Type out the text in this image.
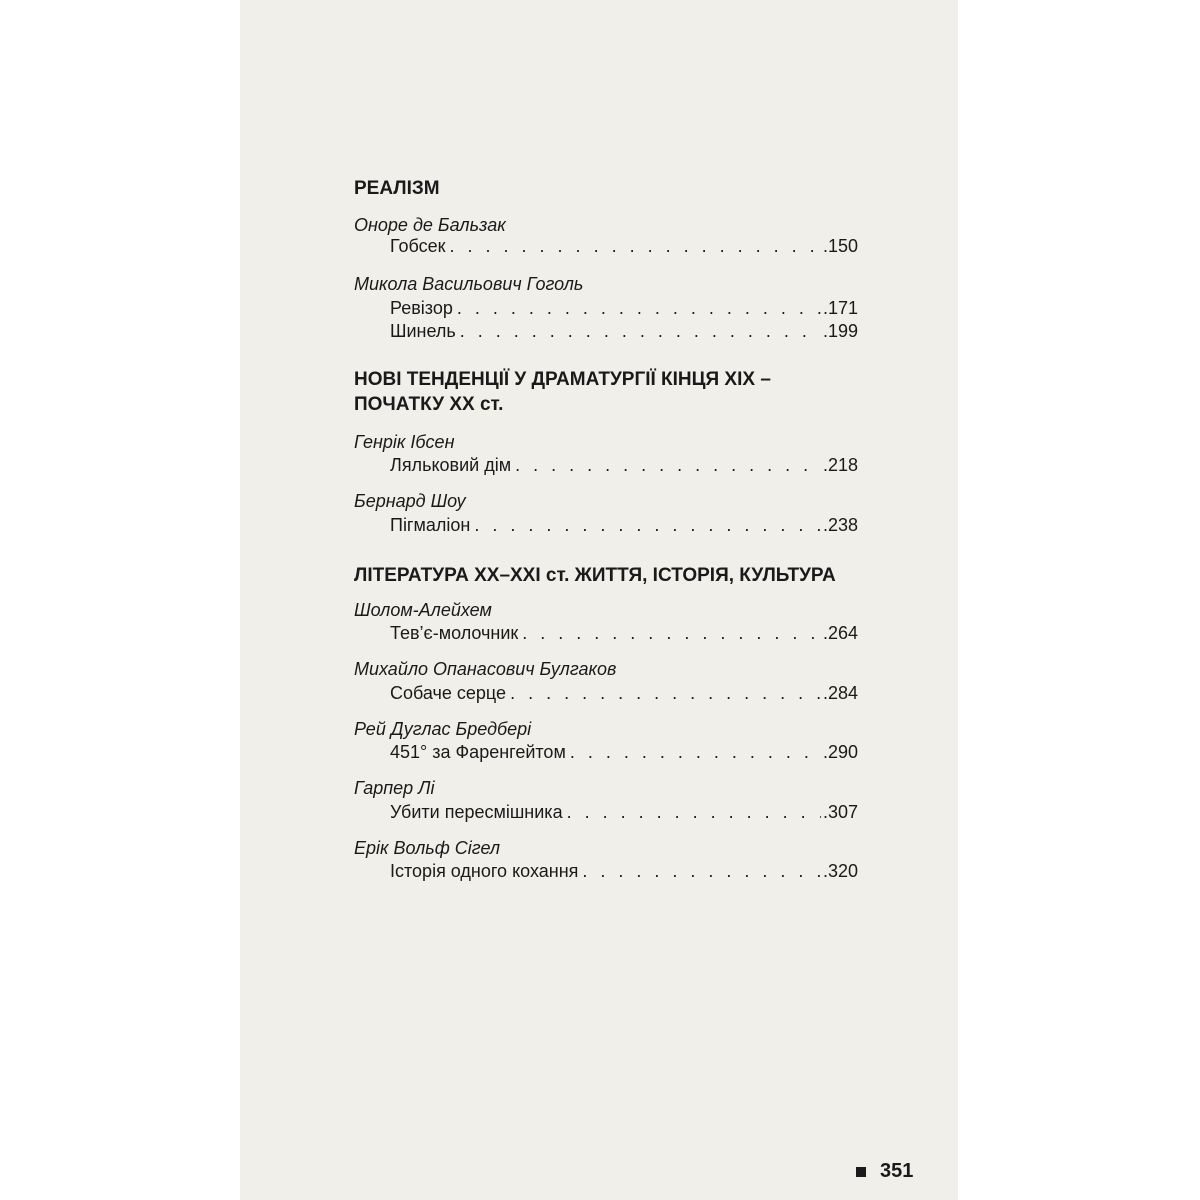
РЕАЛІЗМ
Оноре де Бальзак
Гобсек . . .	.150
Микола Васильович Гоголь
Ревізор . . .	.171
Шинель . . .	.199
НОВІ ТЕНДЕНЦІЇ У ДРАМАТУРГІЇ КІНЦЯ XIX –
ПОЧАТКУ XX ст.
Генрік Ібсен
Ляльковий дім . . .	.218
Бернард Шоу
Пігмаліон . . .	.238
ЛІТЕРАТУРА XX–XXI ст. ЖИТТЯ, ІСТОРІЯ, КУЛЬТУРА
Шолом-Алейхем
Тев’є-молочник . . .	.264
Михайло Опанасович Булгаков
Собаче серце . . .	.284
Рей Дуглас Бредбері
451° за Фаренгейтом . . .	.290
Гарпер Лі
Убити пересмішника . . .	.307
Ерік Вольф Сігел
Історія одного кохання . . .	.320
351
